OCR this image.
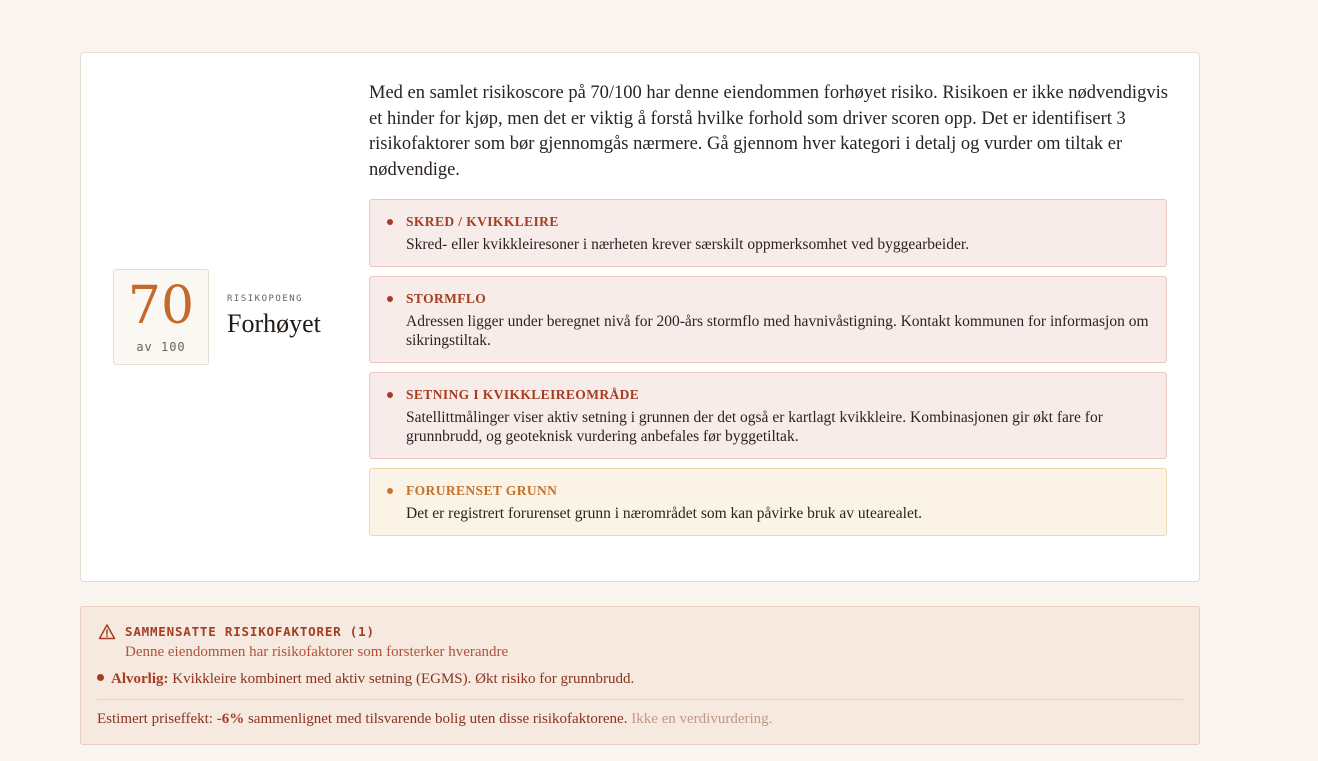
70
av 100
RISIKOPOENG
Forhøyet

Med en samlet risikoscore på 70/100 har denne eiendommen forhøyet risiko. Risikoen er ikke nødvendigvis et hinder for kjøp, men det er viktig å forstå hvilke forhold som driver scoren opp. Det er identifisert 3 risikofaktorer som bør gjennomgås nærmere. Gå gjennom hver kategori i detalj og vurder om tiltak er nødvendige.

SKRED / KVIKKLEIRE
Skred- eller kvikkleiresoner i nærheten krever særskilt oppmerksomhet ved byggearbeider.
STORMFLO
Adressen ligger under beregnet nivå for 200-års stormflo med havnivåstigning. Kontakt kommunen for informasjon om sikringstiltak.
SETNING I KVIKKLEIREOMRÅDE
Satellittmålinger viser aktiv setning i grunnen der det også er kartlagt kvikkleire. Kombinasjonen gir økt fare for grunnbrudd, og geoteknisk vurdering anbefales før byggetiltak.
FORURENSET GRUNN
Det er registrert forurenset grunn i nærområdet som kan påvirke bruk av utearealet.
SAMMENSATTE RISIKOFAKTORER (1)
Denne eiendommen har risikofaktorer som forsterker hverandre
Alvorlig: Kvikkleire kombinert med aktiv setning (EGMS). Økt risiko for grunnbrudd.
Estimert priseffekt: -6% sammenlignet med tilsvarende bolig uten disse risikofaktorene. Ikke en verdivurdering.
